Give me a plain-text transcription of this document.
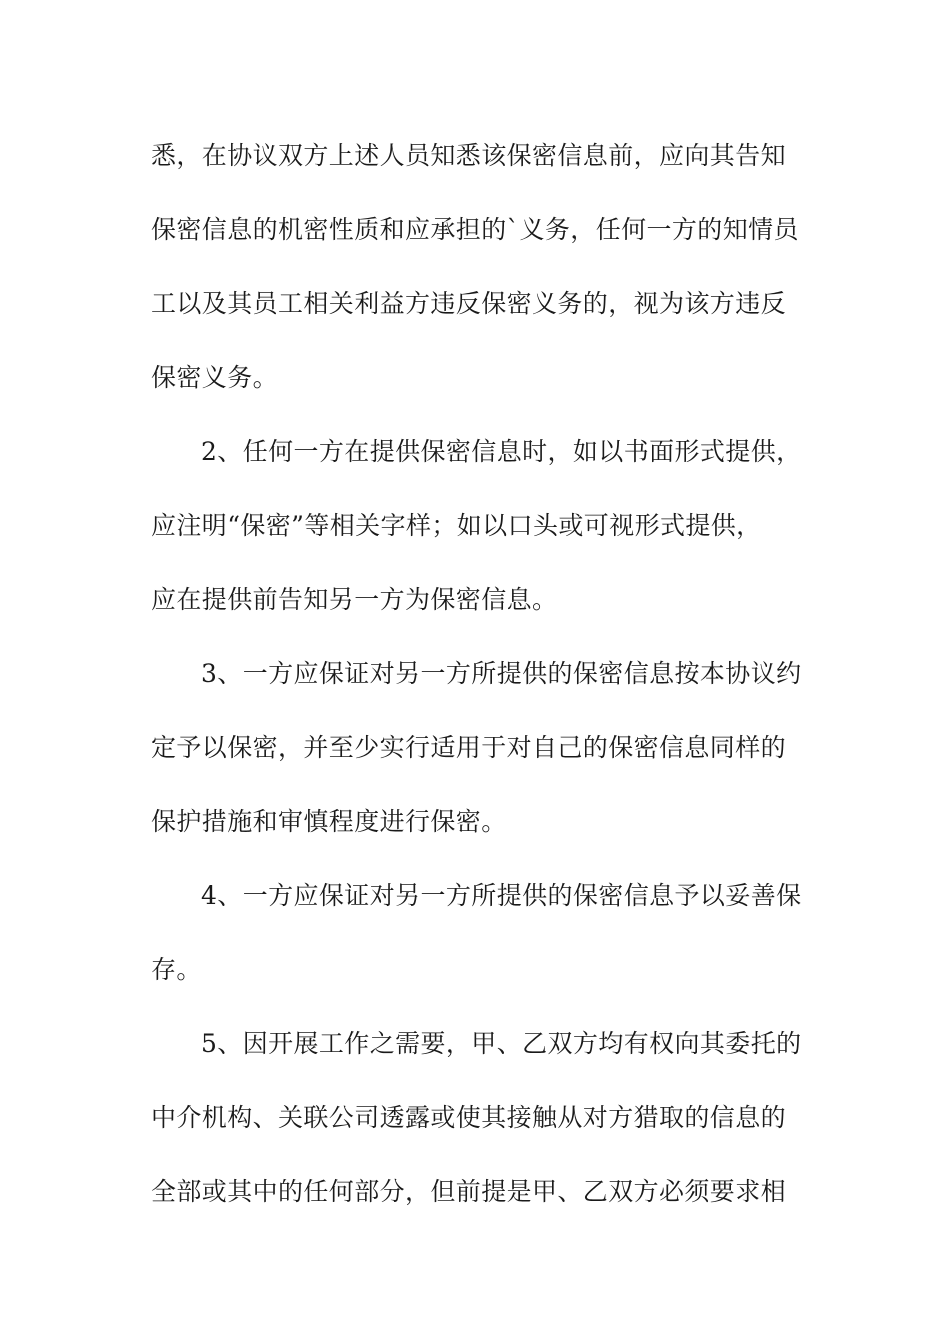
悉，在协议双方上述人员知悉该保密信息前，应向其告知
保密信息的机密性质和应承担的`义务，任何一方的知情员
工以及其员工相关利益方违反保密义务的，视为该方违反
保密义务。
2、任何一方在提供保密信息时，如以书面形式提供，
应注明“保密”等相关字样；如以口头或可视形式提供，
应在提供前告知另一方为保密信息。
3、一方应保证对另一方所提供的保密信息按本协议约
定予以保密，并至少实行适用于对自己的保密信息同样的
保护措施和审慎程度进行保密。
4、一方应保证对另一方所提供的保密信息予以妥善保
存。
5、因开展工作之需要，甲、乙双方均有权向其委托的
中介机构、关联公司透露或使其接触从对方猎取的信息的
全部或其中的任何部分，但前提是甲、乙双方必须要求相
